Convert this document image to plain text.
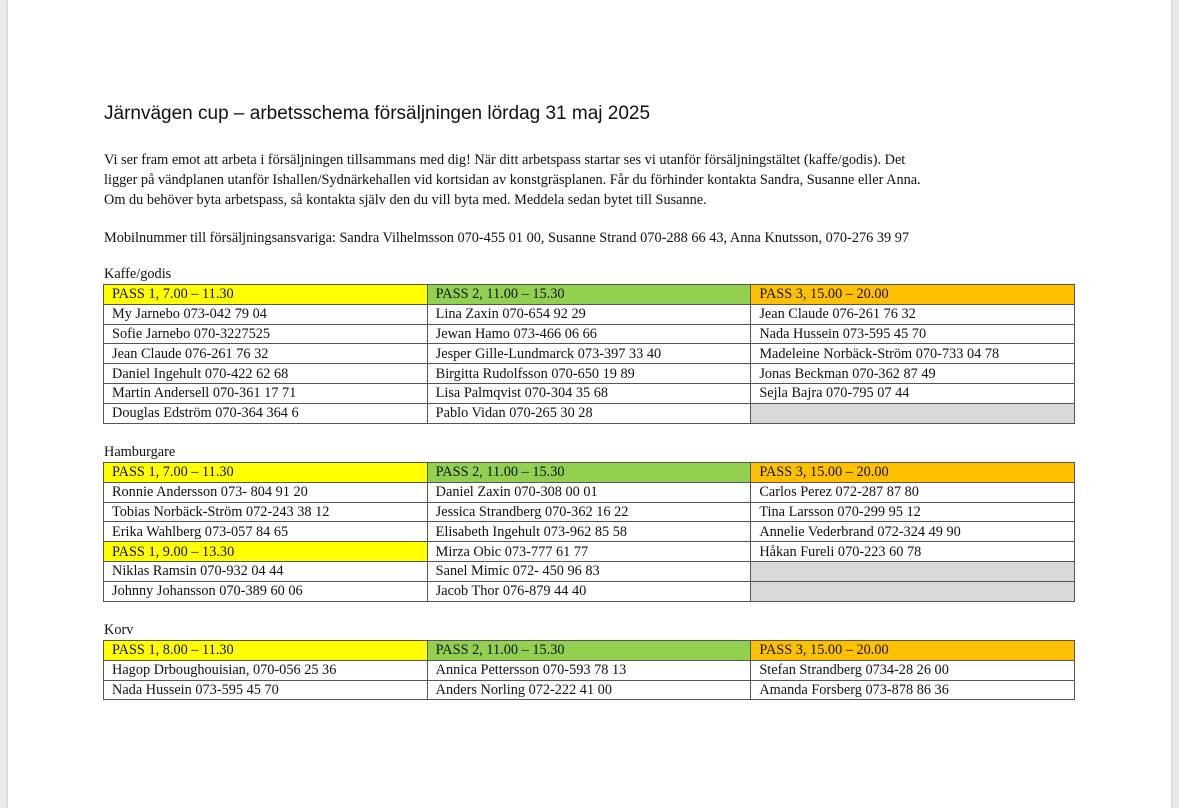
Järnvägen cup – arbetsschema försäljningen lördag 31 maj 2025
Vi ser fram emot att arbeta i försäljningen tillsammans med dig! När ditt arbetspass startar ses vi utanför försäljningstältet (kaffe/godis). Det
ligger på vändplanen utanför Ishallen/Sydnärkehallen vid kortsidan av konstgräsplanen. Får du förhinder kontakta Sandra, Susanne eller Anna.
Om du behöver byta arbetspass, så kontakta själv den du vill byta med. Meddela sedan bytet till Susanne.
Mobilnummer till försäljningsansvariga: Sandra Vilhelmsson 070-455 01 00, Susanne Strand 070-288 66 43, Anna Knutsson, 070-276 39 97
Kaffe/godis
PASS 1, 7.00 – 11.30	PASS 2, 11.00 – 15.30	PASS 3, 15.00 – 20.00
My Jarnebo 073-042 79 04	Lina Zaxin 070-654 92 29	Jean Claude 076-261 76 32
Sofie Jarnebo 070-3227525	Jewan Hamo 073-466 06 66	Nada Hussein 073-595 45 70
Jean Claude 076-261 76 32	Jesper Gille-Lundmarck 073-397 33 40	Madeleine Norbäck-Ström 070-733 04 78
Daniel Ingehult 070-422 62 68	Birgitta Rudolfsson 070-650 19 89	Jonas Beckman 070-362 87 49
Martin Andersell 070-361 17 71	Lisa Palmqvist 070-304 35 68	Sejla Bajra 070-795 07 44
Douglas Edström 070-364 364 6	Pablo Vidan 070-265 30 28	
Hamburgare
PASS 1, 7.00 – 11.30	PASS 2, 11.00 – 15.30	PASS 3, 15.00 – 20.00
Ronnie Andersson 073- 804 91 20	Daniel Zaxin 070-308 00 01	Carlos Perez 072-287 87 80
Tobias Norbäck-Ström 072-243 38 12	Jessica Strandberg 070-362 16 22	Tina Larsson 070-299 95 12
Erika Wahlberg 073-057 84 65	Elisabeth Ingehult 073-962 85 58	Annelie Vederbrand 072-324 49 90
PASS 1, 9.00 – 13.30	Mirza Obic 073-777 61 77	Håkan Fureli 070-223 60 78
Niklas Ramsin 070-932 04 44	Sanel Mimic 072- 450 96 83	
Johnny Johansson 070-389 60 06	Jacob Thor 076-879 44 40	
Korv
PASS 1, 8.00 – 11.30	PASS 2, 11.00 – 15.30	PASS 3, 15.00 – 20.00
Hagop Drboughouisian, 070-056 25 36	Annica Pettersson 070-593 78 13	Stefan Strandberg 0734-28 26 00
Nada Hussein 073-595 45 70	Anders Norling 072-222 41 00	Amanda Forsberg 073-878 86 36
